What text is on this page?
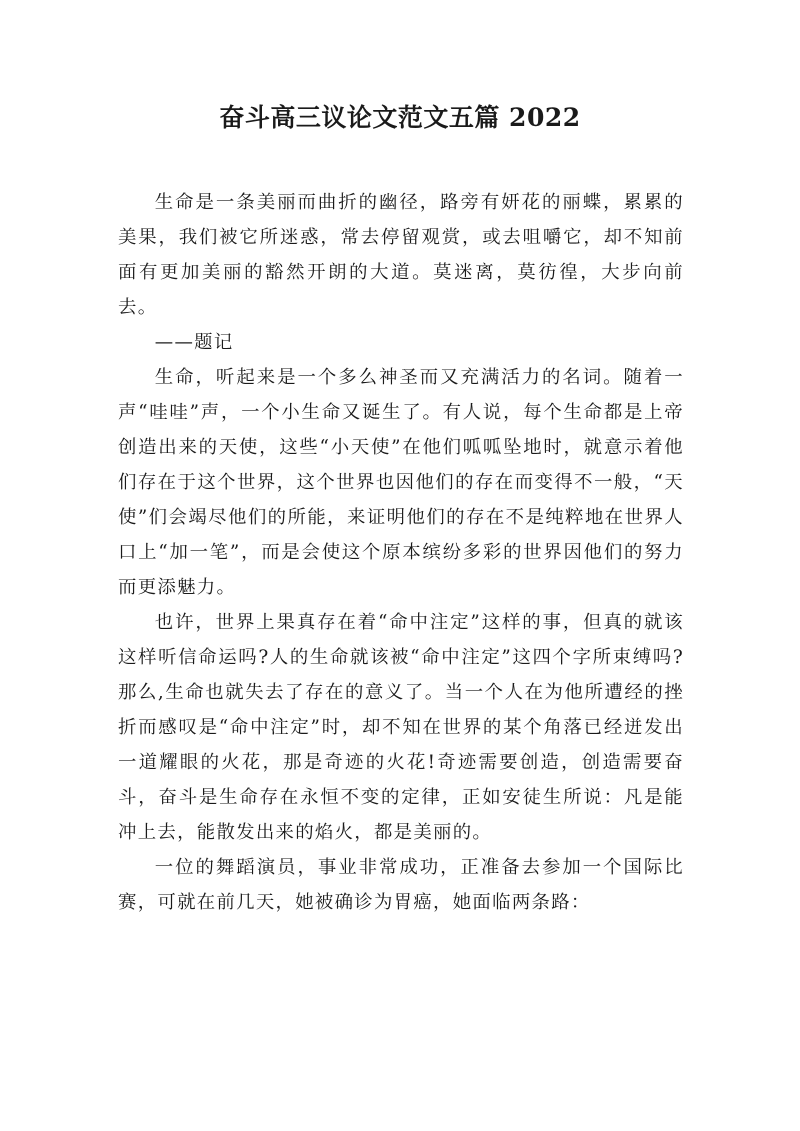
奋斗高三议论文范文五篇 2022

生命是一条美丽而曲折的幽径，路旁有妍花的丽蝶，累累的美果，我们被它所迷惑，常去停留观赏，或去咀嚼它，却不知前面有更加美丽的豁然开朗的大道。莫迷离，莫彷徨，大步向前去。

——题记

生命，听起来是一个多么神圣而又充满活力的名词。随着一声“哇哇”声，一个小生命又诞生了。有人说，每个生命都是上帝创造出来的天使，这些“小天使”在他们呱呱坠地时，就意示着他们存在于这个世界，这个世界也因他们的存在而变得不一般，“天使”们会竭尽他们的所能，来证明他们的存在不是纯粹地在世界人口上“加一笔”，而是会使这个原本缤纷多彩的世界因他们的努力而更添魅力。

也许，世界上果真存在着“命中注定”这样的事，但真的就该这样听信命运吗?人的生命就该被“命中注定”这四个字所束缚吗?那么,生命也就失去了存在的意义了。当一个人在为他所遭经的挫折而感叹是“命中注定”时，却不知在世界的某个角落已经迸发出一道耀眼的火花，那是奇迹的火花!奇迹需要创造，创造需要奋斗，奋斗是生命存在永恒不变的定律，正如安徒生所说：凡是能冲上去，能散发出来的焰火，都是美丽的。

一位的舞蹈演员，事业非常成功，正准备去参加一个国际比赛，可就在前几天，她被确诊为胃癌，她面临两条路：
